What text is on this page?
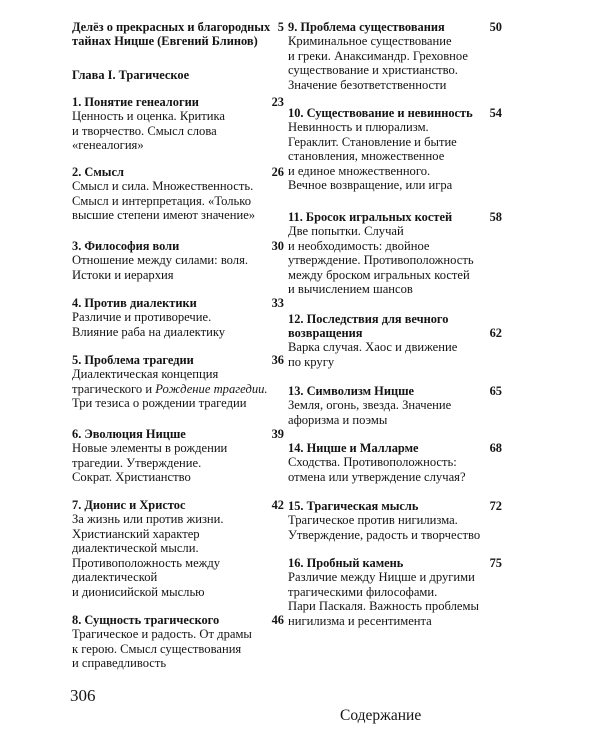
Делёз о прекрасных и благородных
тайнах Ницше (Евгений Блинов)
5
Глава I. Трагическое
1. Понятие генеалогии	23
Ценность и оценка. Критика
и творчество. Смысл слова
«генеалогия»
2. Смысл	26
Смысл и сила. Множественность.
Смысл и интерпретация. «Только
высшие степени имеют значение»
3. Философия воли	30
Отношение между силами: воля.
Истоки и иерархия
4. Против диалектики	33
Различие и противоречие.
Влияние раба на диалектику
5. Проблема трагедии	36
Диалектическая концепция
трагического и Рождение трагедии.
Три тезиса о рождении трагедии
6. Эволюция Ницше	39
Новые элементы в рождении
трагедии. Утверждение.
Сократ. Христианство
7. Дионис и Христос	42
За жизнь или против жизни.
Христианский характер
диалектической мысли.
Противоположность между
диалектической
и дионисийской мыслью
8. Сущность трагического	46
Трагическое и радость. От драмы
к герою. Смысл существования
и справедливость
9. Проблема существования	50
Криминальное существование
и греки. Анаксимандр. Греховное
существование и христианство.
Значение безответственности
10. Существование и невинность	54
Невинность и плюрализм.
Гераклит. Становление и бытие
становления, множественное
и единое множественного.
Вечное возвращение, или игра
11. Бросок игральных костей	58
Две попытки. Случай
и необходимость: двойное
утверждение. Противоположность
между броском игральных костей
и вычислением шансов
12. Последствия для вечного
возвращения	62
Варка случая. Хаос и движение
по кругу
13. Символизм Ницше	65
Земля, огонь, звезда. Значение
афоризма и поэмы
14. Ницше и Малларме	68
Сходства. Противоположность:
отмена или утверждение случая?
15. Трагическая мысль	72
Трагическое против нигилизма.
Утверждение, радость и творчество
16. Пробный камень	75
Различие между Ницше и другими
трагическими философами.
Пари Паскаля. Важность проблемы
нигилизма и ресентимента
306
Содержание
